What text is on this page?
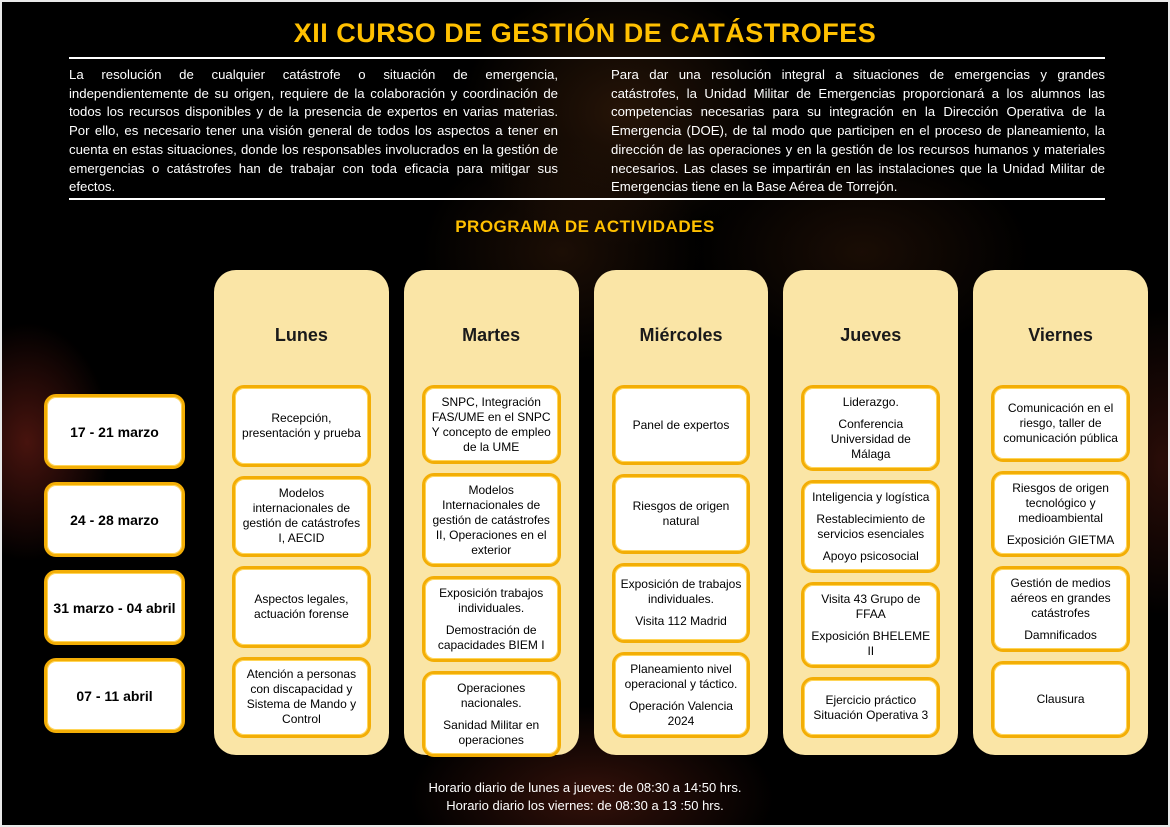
XII CURSO DE GESTIÓN DE CATÁSTROFES
La resolución de cualquier catástrofe o situación de emergencia, independientemente de su origen, requiere de la colaboración y coordinación de todos los recursos disponibles y de la presencia de expertos en varias materias. Por ello, es necesario tener una visión general de todos los aspectos a tener en cuenta en estas situaciones, donde los responsables involucrados en la gestión de emergencias o catástrofes han de trabajar con toda eficacia para mitigar sus efectos.
Para dar una resolución integral a situaciones de emergencias y grandes catástrofes, la Unidad Militar de Emergencias proporcionará a los alumnos las competencias necesarias para su integración en la Dirección Operativa de la Emergencia (DOE), de tal modo que participen en el proceso de planeamiento, la dirección de las operaciones y en la gestión de los recursos humanos y materiales necesarios. Las clases se impartirán en las instalaciones que la Unidad Militar de Emergencias tiene en la Base Aérea de Torrejón.
PROGRAMA DE ACTIVIDADES
17 - 21 marzo
24 - 28 marzo
31 marzo - 04 abril
07 - 11 abril
Lunes

Recepción, presentación y prueba

Modelos internacionales de gestión de catástrofes I, AECID

Aspectos legales, actuación forense

Atención a personas con discapacidad y Sistema de Mando y Control

Martes

SNPC, Integración FAS/UME en el SNPC Y concepto de empleo de la UME

Modelos Internacionales de gestión de catástrofes II, Operaciones en el exterior

Exposición trabajos individuales.

Demostración de capacidades BIEM I

Operaciones nacionales.

Sanidad Militar en operaciones

Miércoles

Panel de expertos

Riesgos de origen natural

Exposición de trabajos individuales.

Visita 112 Madrid

Planeamiento nivel operacional y táctico.

Operación Valencia 2024

Jueves

Liderazgo.

Conferencia Universidad de Málaga

Inteligencia y logística

Restablecimiento de servicios esenciales

Apoyo psicosocial

Visita 43 Grupo de FFAA

Exposición BHELEME II

Ejercicio práctico Situación Operativa 3

Viernes

Comunicación en el riesgo, taller de comunicación pública

Riesgos de origen tecnológico y medioambiental

Exposición GIETMA

Gestión de medios aéreos en grandes catástrofes

Damnificados

Clausura

Horario diario de lunes a jueves: de 08:30 a 14:50 hrs.
Horario diario los viernes: de 08:30 a 13 :50 hrs.
